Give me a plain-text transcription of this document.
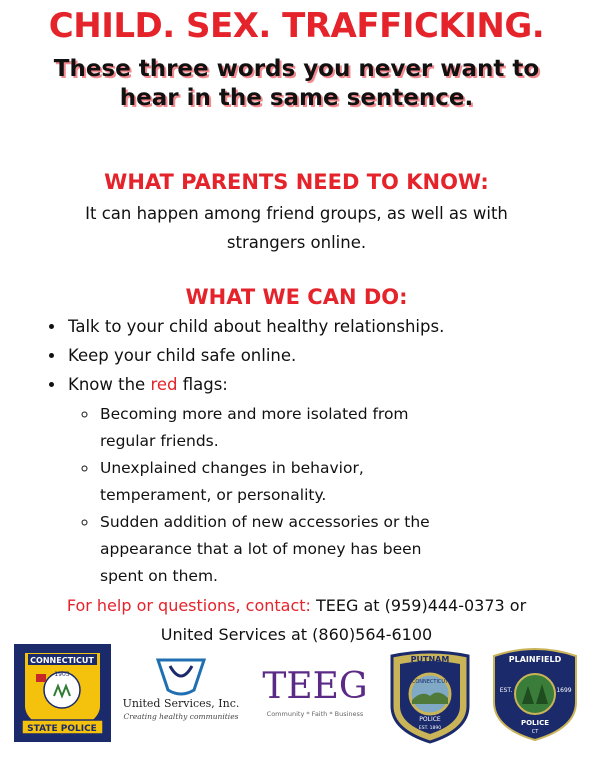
CHILD. SEX. TRAFFICKING.
These three words you never want to
hear in the same sentence.
WHAT PARENTS NEED TO KNOW:
It can happen among friend groups, as well as with
strangers online.
WHAT WE CAN DO:
• Talk to your child about healthy relationships.
• Keep your child safe online.
• Know the red flags:
◦ Becoming more and more isolated from
regular friends.
◦ Unexplained changes in behavior,
temperament, or personality.
◦ Sudden addition of new accessories or the
appearance that a lot of money has been
spent on them.
For help or questions, contact: TEEG at (959)444-0373 or
United Services at (860)564-6100
CONNECTICUT
1903
STATE POLICE
United Services, Inc.
Creating healthy communities
TEEG
Community * Faith * Business
PUTNAM
CONNECTICUT
POLICE
EST. 1890
PLAINFIELD
EST.	1699
POLICE
CT
